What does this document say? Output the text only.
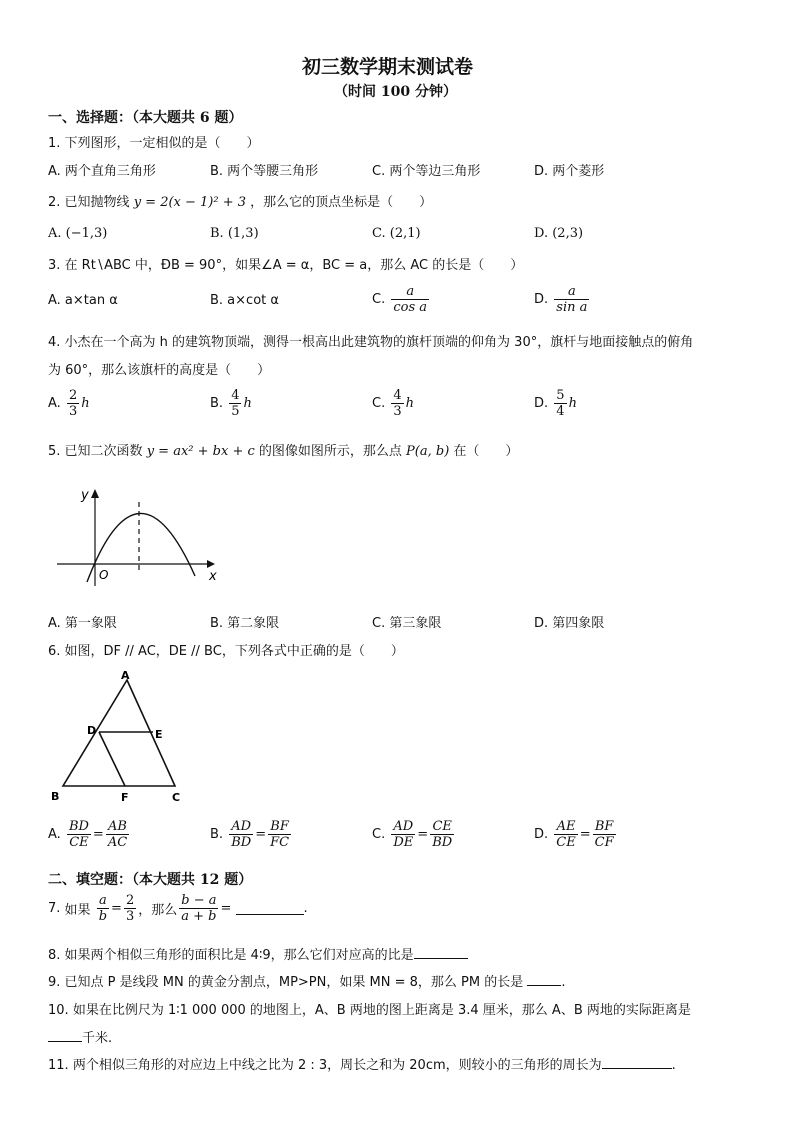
初三数学期末测试卷
（时间 100 分钟）
一、选择题：（本大题共 6 题）
1. 下列图形，一定相似的是（　　）
A. 两个直角三角形	B. 两个等腰三角形	C. 两个等边三角形	D. 两个菱形
2. 已知抛物线 y = 2(x − 1)² + 3 ，那么它的顶点坐标是（　　）
A. (−1,3)	B. (1,3)	C. (2,1)	D. (2,3)
3. 在 Rt∖ABC 中，ÐB = 90°，如果∠A = α，BC = a，那么 AC 的长是（　　）
A. a×tan α	B. a×cot α	C. $\frac{a}{\text{cos a}}$	D. $\frac{a}{\text{sin a}}$
4. 小杰在一个高为 h 的建筑物顶端，测得一根高出此建筑物的旗杆顶端的仰角为 30°，旗杆与地面接触点的俯角
为 60°，那么该旗杆的高度是（　　）
A. $\frac{2}{3}$ h	B. $\frac{4}{5}$ h	C. $\frac{4}{3}$ h	D. $\frac{5}{4}$ h
5. 已知二次函数 y = ax² + bx + c 的图像如图所示，那么点 P(a, b) 在（　　）
y
x
O
A. 第一象限	B. 第二象限	C. 第三象限	D. 第四象限
6. 如图，DF // AC，DE // BC，下列各式中正确的是（　　）
A
B	C
D	E
F
A. $\frac{BD}{CE} = \frac{AB}{AC}$	B. $\frac{AD}{BD} = \frac{BF}{FC}$	C. $\frac{AD}{DE} = \frac{CE}{BD}$	D. $\frac{AE}{CE} = \frac{BF}{CF}$
二、填空题：（本大题共 12 题）
7. 如果 $\frac{a}{b} = \frac{2}{3}$ ，那么 $\frac{b - a}{a + b}$ =	.
8. 如果两个相似三角形的面积比是 4∶9，那么它们对应高的比是
9. 已知点 P 是线段 MN 的黄金分割点，MP>PN，如果 MN = 8，那么 PM 的长是	.
10. 如果在比例尺为 1∶1 000 000 的地图上，A、B 两地的图上距离是 3.4 厘米，那么 A、B 两地的实际距离是
千米.
11. 两个相似三角形的对应边上中线之比为 2 : 3，周长之和为 20cm，则较小的三角形的周长为	.
